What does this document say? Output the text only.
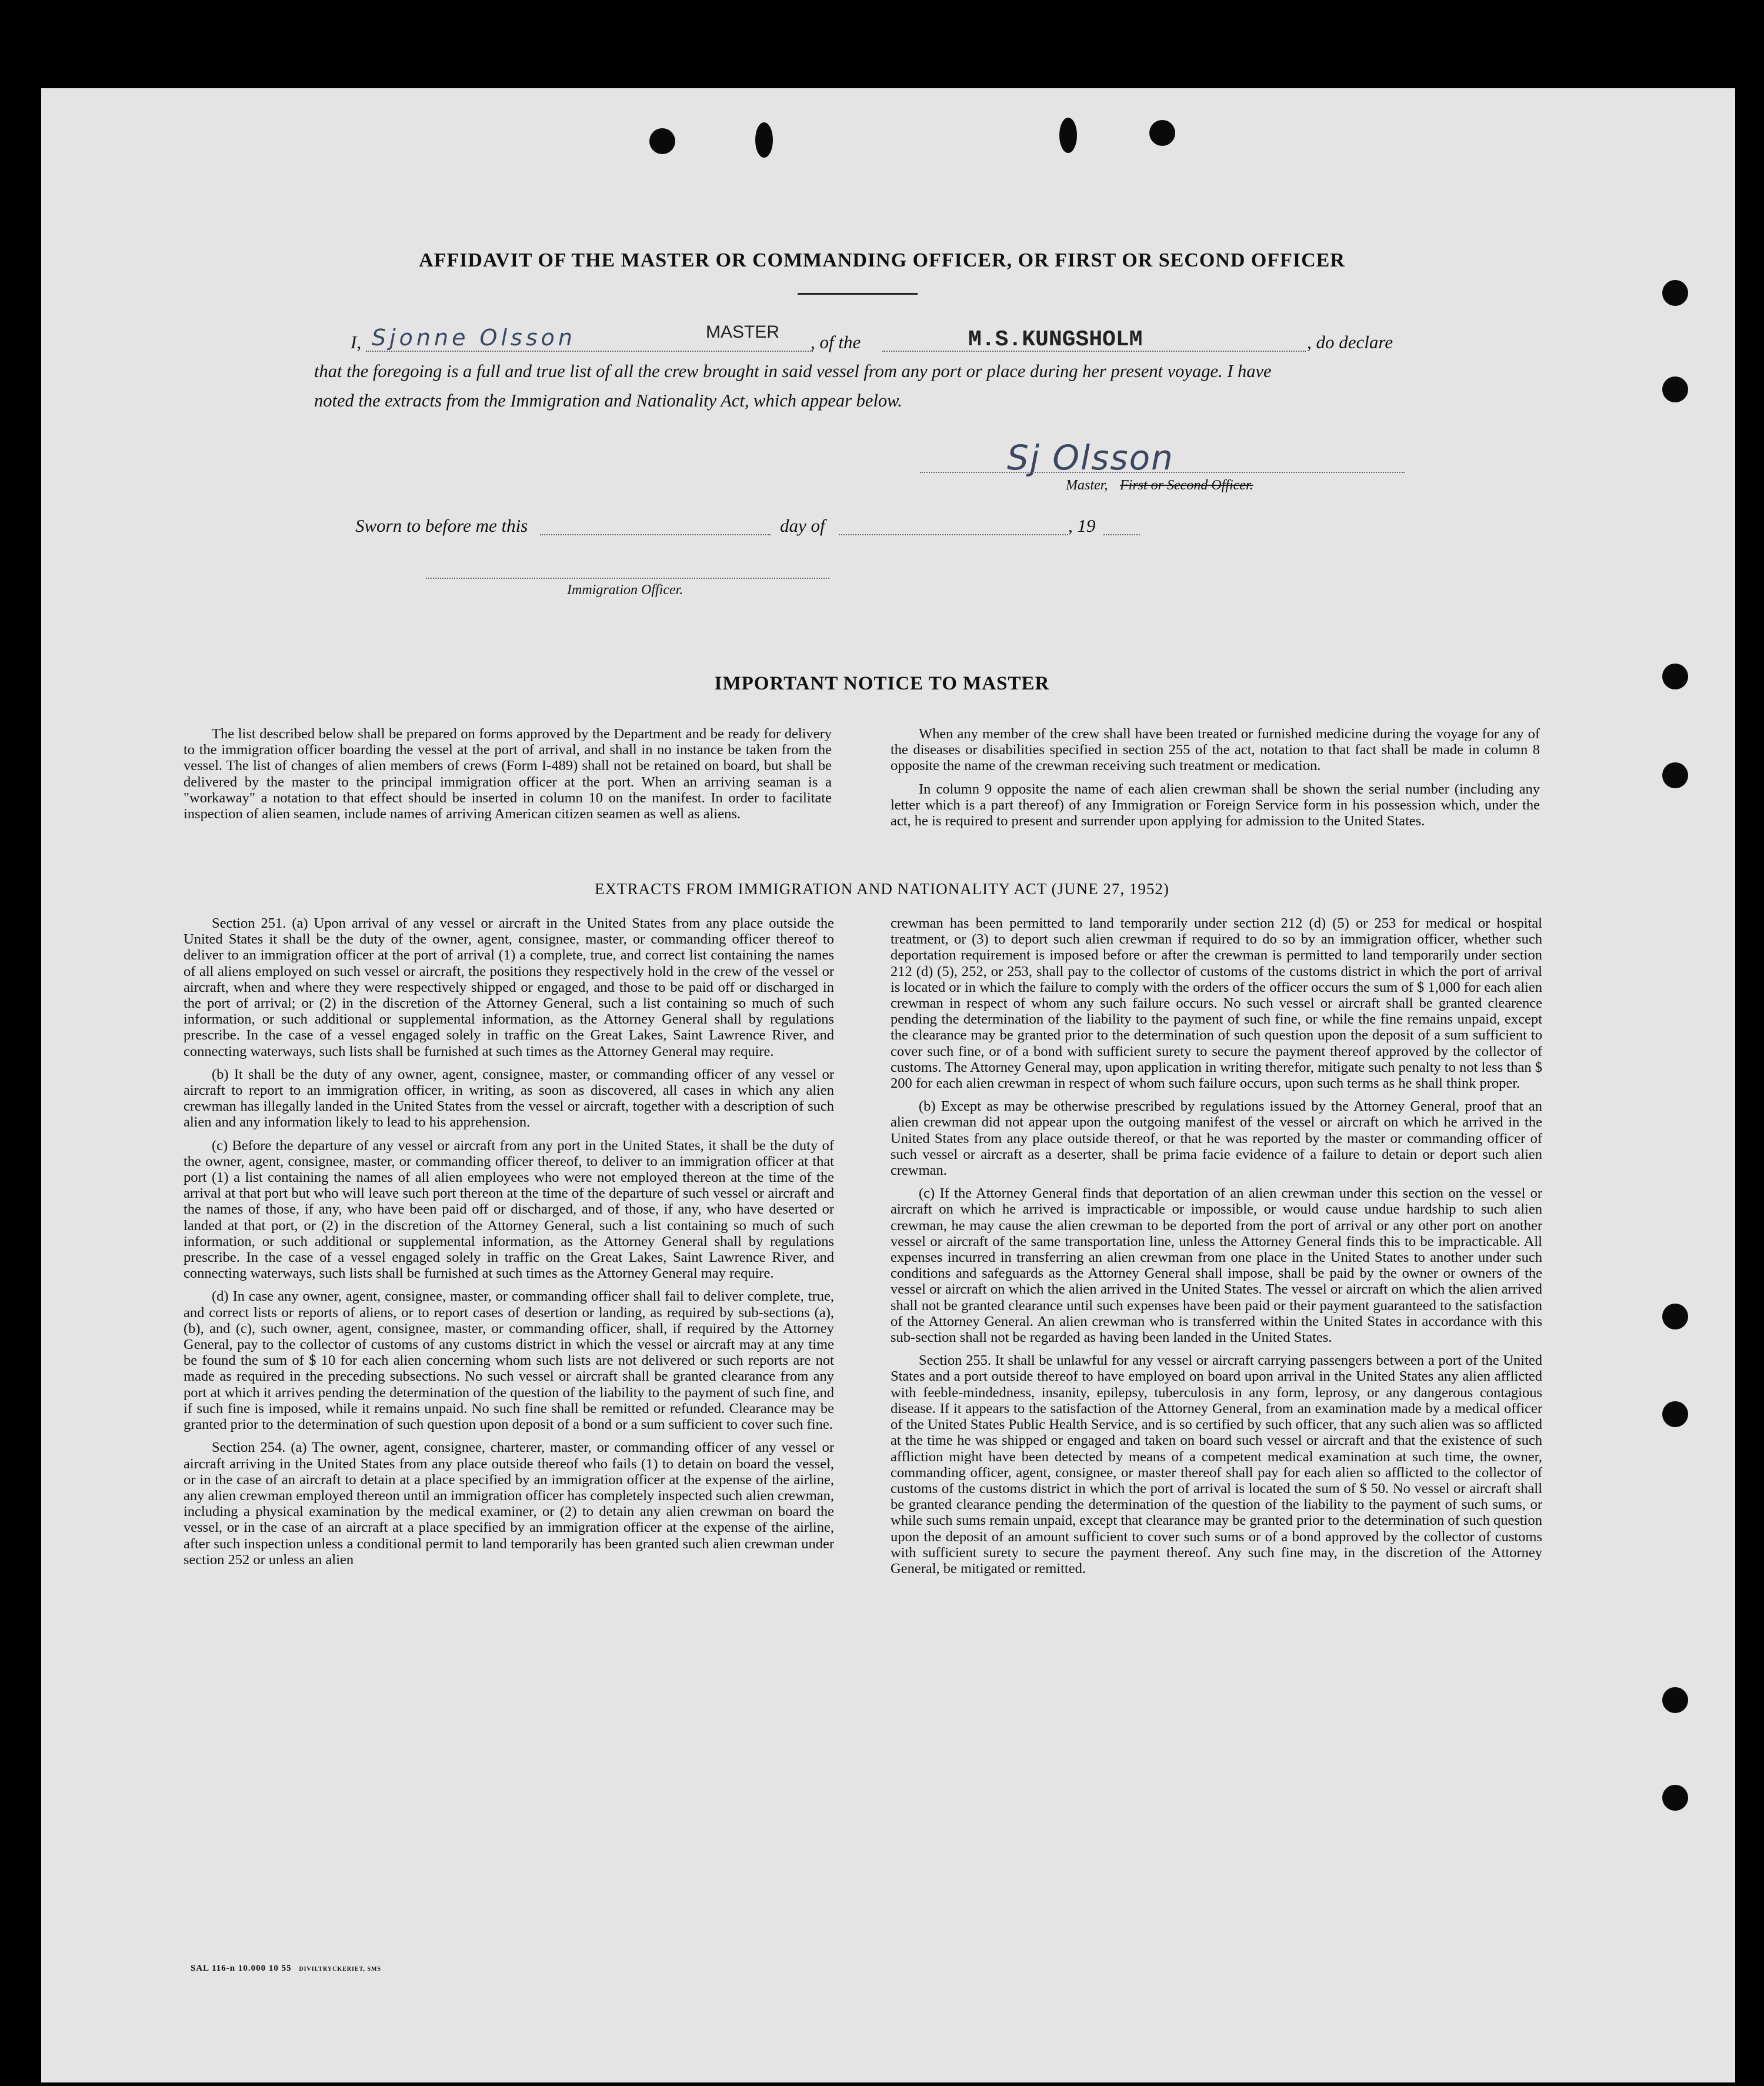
AFFIDAVIT OF THE MASTER OR COMMANDING OFFICER, OR FIRST OR SECOND OFFICER
I, Sjonne Olsson	MASTER , of the	M.S.KUNGSHOLM	, do declare
that the foregoing is a full and true list of all the crew brought in said vessel from any port or place during her present voyage. I have
noted the extracts from the Immigration and Nationality Act, which appear below.
Sj Olsson
Master, First or Second Officer.
Sworn to before me this	day of	, 19
Immigration Officer.
IMPORTANT NOTICE TO MASTER

The list described below shall be prepared on forms approved by the Department and be ready for delivery to the immigration officer boarding the vessel at the port of arrival, and shall in no instance be taken from the vessel. The list of changes of alien members of crews (Form I-489) shall not be retained on board, but shall be delivered by the master to the principal immigration officer at the port. When an arriving seaman is a "workaway" a notation to that effect should be inserted in column 10 on the manifest. In order to facilitate inspection of alien seamen, include names of arriving American citizen seamen as well as aliens.

When any member of the crew shall have been treated or furnished medicine during the voyage for any of the diseases or disabilities specified in section 255 of the act, notation to that fact shall be made in column 8 opposite the name of the crewman receiving such treatment or medication.

In column 9 opposite the name of each alien crewman shall be shown the serial number (including any letter which is a part thereof) of any Immigration or Foreign Service form in his possession which, under the act, he is required to present and surrender upon applying for admission to the United States.

EXTRACTS FROM IMMIGRATION AND NATIONALITY ACT (JUNE 27, 1952)

Section 251. (a) Upon arrival of any vessel or aircraft in the United States from any place outside the United States it shall be the duty of the owner, agent, consignee, master, or commanding officer thereof to deliver to an immigration officer at the port of arrival (1) a complete, true, and correct list containing the names of all aliens employed on such vessel or aircraft, the positions they respectively hold in the crew of the vessel or aircraft, when and where they were respectively shipped or engaged, and those to be paid off or discharged in the port of arrival; or (2) in the discretion of the Attorney General, such a list containing so much of such information, or such additional or supplemental information, as the Attorney General shall by regulations prescribe. In the case of a vessel engaged solely in traffic on the Great Lakes, Saint Lawrence River, and connecting waterways, such lists shall be furnished at such times as the Attorney General may require.

(b) It shall be the duty of any owner, agent, consignee, master, or commanding officer of any vessel or aircraft to report to an immigration officer, in writing, as soon as discovered, all cases in which any alien crewman has illegally landed in the United States from the vessel or aircraft, together with a description of such alien and any information likely to lead to his apprehension.

(c) Before the departure of any vessel or aircraft from any port in the United States, it shall be the duty of the owner, agent, consignee, master, or commanding officer thereof, to deliver to an immigration officer at that port (1) a list containing the names of all alien employees who were not employed thereon at the time of the arrival at that port but who will leave such port thereon at the time of the departure of such vessel or aircraft and the names of those, if any, who have been paid off or discharged, and of those, if any, who have deserted or landed at that port, or (2) in the discretion of the Attorney General, such a list containing so much of such information, or such additional or supplemental information, as the Attorney General shall by regulations prescribe. In the case of a vessel engaged solely in traffic on the Great Lakes, Saint Lawrence River, and connecting waterways, such lists shall be furnished at such times as the Attorney General may require.

(d) In case any owner, agent, consignee, master, or commanding officer shall fail to deliver complete, true, and correct lists or reports of aliens, or to report cases of desertion or landing, as required by sub-sections (a), (b), and (c), such owner, agent, consignee, master, or commanding officer, shall, if required by the Attorney General, pay to the collector of customs of any customs district in which the vessel or aircraft may at any time be found the sum of $ 10 for each alien concerning whom such lists are not delivered or such reports are not made as required in the preceding subsections. No such vessel or aircraft shall be granted clearance from any port at which it arrives pending the determination of the question of the liability to the payment of such fine, and if such fine is imposed, while it remains unpaid. No such fine shall be remitted or refunded. Clearance may be granted prior to the determination of such question upon deposit of a bond or a sum sufficient to cover such fine.

Section 254. (a) The owner, agent, consignee, charterer, master, or commanding officer of any vessel or aircraft arriving in the United States from any place outside thereof who fails (1) to detain on board the vessel, or in the case of an aircraft to detain at a place specified by an immigration officer at the expense of the airline, any alien crewman employed thereon until an immigration officer has completely inspected such alien crewman, including a physical examination by the medical examiner, or (2) to detain any alien crewman on board the vessel, or in the case of an aircraft at a place specified by an immigration officer at the expense of the airline, after such inspection unless a conditional permit to land temporarily has been granted such alien crewman under section 252 or unless an alien

crewman has been permitted to land temporarily under section 212 (d) (5) or 253 for medical or hospital treatment, or (3) to deport such alien crewman if required to do so by an immigration officer, whether such deportation requirement is imposed before or after the crewman is permitted to land temporarily under section 212 (d) (5), 252, or 253, shall pay to the collector of customs of the customs district in which the port of arrival is located or in which the failure to comply with the orders of the officer occurs the sum of $ 1,000 for each alien crewman in respect of whom any such failure occurs. No such vessel or aircraft shall be granted clearence pending the determination of the liability to the payment of such fine, or while the fine remains unpaid, except the clearance may be granted prior to the determination of such question upon the deposit of a sum sufficient to cover such fine, or of a bond with sufficient surety to secure the payment thereof approved by the collector of customs. The Attorney General may, upon application in writing therefor, mitigate such penalty to not less than $ 200 for each alien crewman in respect of whom such failure occurs, upon such terms as he shall think proper.

(b) Except as may be otherwise prescribed by regulations issued by the Attorney General, proof that an alien crewman did not appear upon the outgoing manifest of the vessel or aircraft on which he arrived in the United States from any place outside thereof, or that he was reported by the master or commanding officer of such vessel or aircraft as a deserter, shall be prima facie evidence of a failure to detain or deport such alien crewman.

(c) If the Attorney General finds that deportation of an alien crewman under this section on the vessel or aircraft on which he arrived is impracticable or impossible, or would cause undue hardship to such alien crewman, he may cause the alien crewman to be deported from the port of arrival or any other port on another vessel or aircraft of the same transportation line, unless the Attorney General finds this to be impracticable. All expenses incurred in transferring an alien crewman from one place in the United States to another under such conditions and safeguards as the Attorney General shall impose, shall be paid by the owner or owners of the vessel or aircraft on which the alien arrived in the United States. The vessel or aircraft on which the alien arrived shall not be granted clearance until such expenses have been paid or their payment guaranteed to the satisfaction of the Attorney General. An alien crewman who is transferred within the United States in accordance with this sub-section shall not be regarded as having been landed in the United States.

Section 255. It shall be unlawful for any vessel or aircraft carrying passengers between a port of the United States and a port outside thereof to have employed on board upon arrival in the United States any alien afflicted with feeble-mindedness, insanity, epilepsy, tuberculosis in any form, leprosy, or any dangerous contagious disease. If it appears to the satisfaction of the Attorney General, from an examination made by a medical officer of the United States Public Health Service, and is so certified by such officer, that any such alien was so afflicted at the time he was shipped or engaged and taken on board such vessel or aircraft and that the existence of such affliction might have been detected by means of a competent medical examination at such time, the owner, commanding officer, agent, consignee, or master thereof shall pay for each alien so afflicted to the collector of customs of the customs district in which the port of arrival is located the sum of $ 50. No vessel or aircraft shall be granted clearance pending the determination of the question of the liability to the payment of such sums, or while such sums remain unpaid, except that clearance may be granted prior to the determination of such question upon the deposit of an amount sufficient to cover such sums or of a bond approved by the collector of customs with sufficient surety to secure the payment thereof. Any such fine may, in the discretion of the Attorney General, be mitigated or remitted.

SAL 116-n 10.000 10 55 DIVILTRYCKERIET, SMS
